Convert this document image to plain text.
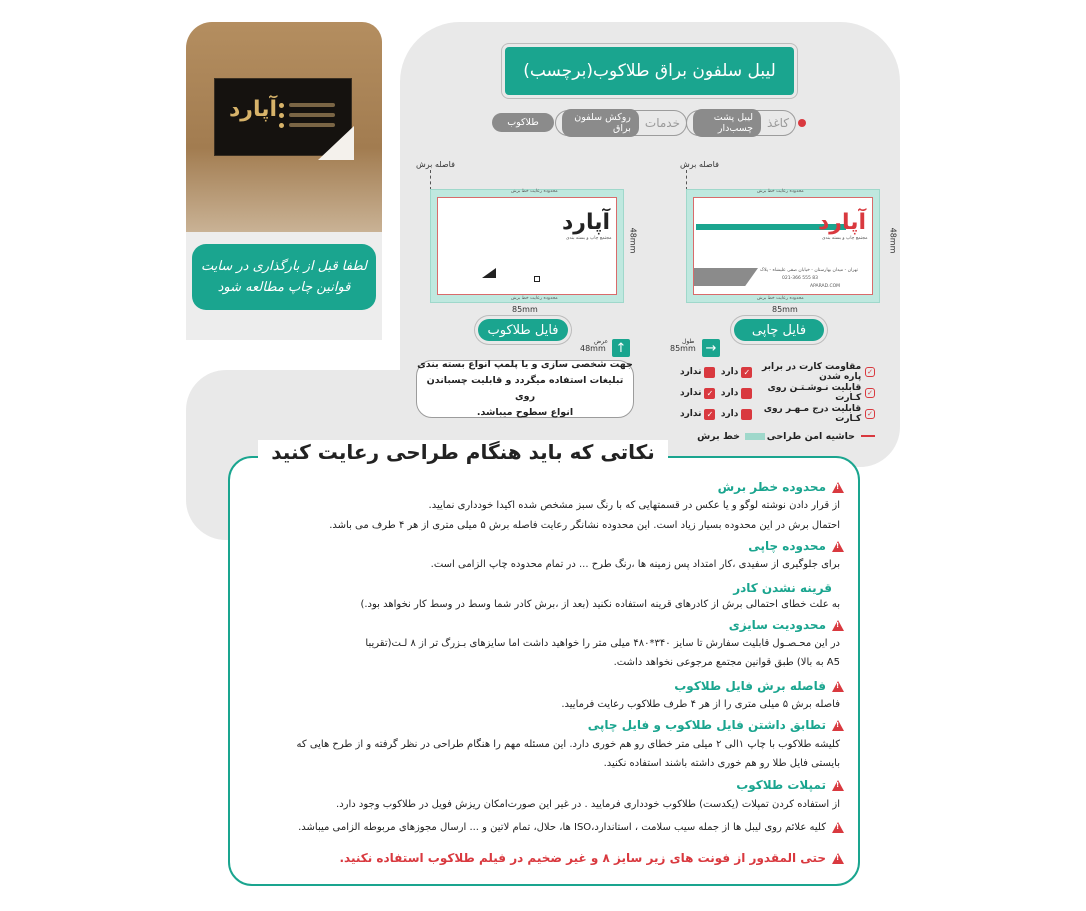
آپارد
لطفا قبل از بارگذاری در سایت
قوانین چاپ مطالعه شود
لیبل سلفون براق طلاکوب(برچسب)
کاغذ
لیبل پشت چسب‌دار
خدمات
روکش سلفون براق
طلاکوب
فاصله برش
محدوده رعایت خط برش
آپارد
مجتمع چاپ و بسته بندی
تهران - میدان بهارستان - خیابان صفی علیشاه - پلاک
021-366 555 83
APARAD.COM
محدوده رعایت خط برش
85mm
48mm
فایل چاپی
→
طول
85mm
فاصله برش
محدوده رعایت خط برش
آپارد
مجتمع چاپ و بسته بندی
محدوده رعایت خط برش
85mm
48mm
فایل طلاکوب
↑
عرض
48mm
جهت شخصی سازی و یا پلمپ انواع بسته بندی
تبلیغات استفاده میگردد و قابلیت چسباندن روی
انواع سطوح میباشد.
✓
مقاومت کارت در برابر پاره شدن
✓
دارد
ندارد
✓
قابلیت نـوشـتـن روی کـارت
دارد
✓
ندارد
✓
قابلیت درج مـهـر روی کـارت
دارد
✓
ندارد
حاشیه امن طراحی
خط برش
نکاتی که باید هنگام طراحی رعایت کنید
!
محدوده خطر برش
از قرار دادن نوشته لوگو و یا عکس در قسمتهایی که با رنگ سبز مشخص شده اکیدا خودداری نمایید.
احتمال برش در این محدوده بسیار زیاد است. این محدوده نشانگر رعایت فاصله برش ۵ میلی متری از هر ۴ طرف می باشد.
!
محدوده چاپی
برای جلوگیری از سفیدی ،کار امتداد پس زمینه ها ،رنگ طرح ... در تمام محدوده چاپ الزامی است.
قرینه نشدن کادر
به علت خطای احتمالی برش از کادرهای قرینه استفاده نکنید (بعد از ،برش کادر شما وسط در وسط کار نخواهد بود.)
!
محدودیت سایزی
در این محـصـول قابلیت سفارش تا سایز ۳۴۰*۴۸۰ میلی متر را خواهید داشت اما سایزهای بـزرگ تر از ۸ لـت(تقریبا
A5 به بالا) طبق قوانین مجتمع مرجوعی نخواهد داشت.
!
فاصله برش فایل طلاکوب
فاصله برش ۵ میلی متری را از هر ۴ طرف طلاکوب رعایت فرمایید.
!
تطابق داشتن فایل طلاکوب و فایل چاپی
کلیشه طلاکوب با چاپ ۱الی ۲ میلی متر خطای رو هم خوری دارد. این مسئله مهم را هنگام طراحی در نظر گرفته و از طرح هایی که
بایستی فایل طلا رو هم خوری داشته باشند استفاده نکنید.
!
تمپلات طلاکوب
از استفاده کردن تمپلات (یکدست) طلاکوب خودداری فرمایید . در غیر این صورت‌امکان ریزش فویل در طلاکوب وجود دارد.
!
کلیه علائم روی لیبل ها از جمله سیب سلامت ، استاندارد،ISO ها، حلال، تمام لاتین و ... ارسال مجوزهای مربوطه الزامی میباشد.
!
حتی المقدور از فونت های زیر سایز ۸ و غیر ضخیم در فیلم طلاکوب استفاده نکنید.
